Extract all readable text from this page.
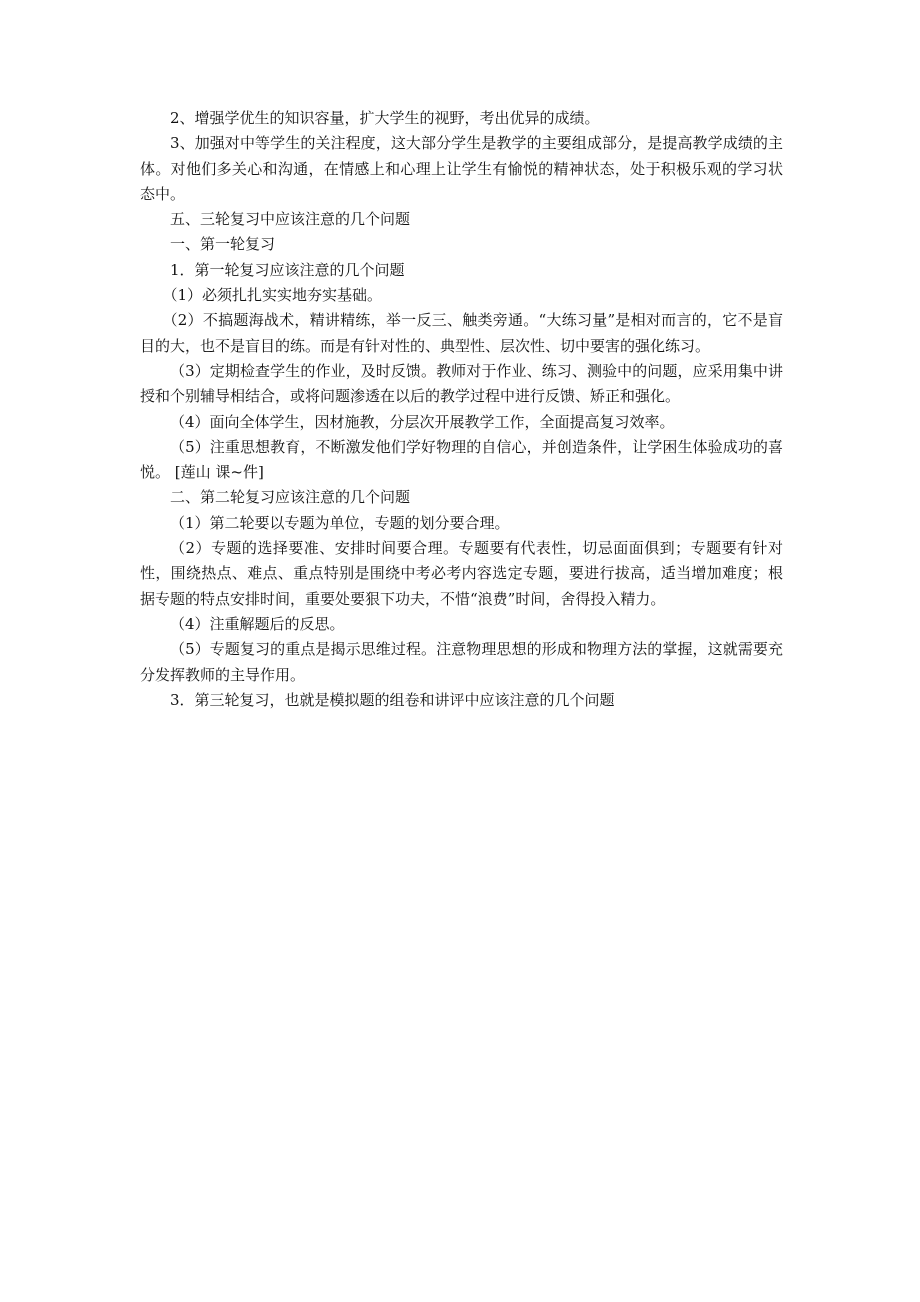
2、增强学优生的知识容量，扩大学生的视野，考出优异的成绩。

3、加强对中等学生的关注程度，这大部分学生是教学的主要组成部分，是提高教学成绩的主体。对他们多关心和沟通，在情感上和心理上让学生有愉悦的精神状态，处于积极乐观的学习状态中。

五、三轮复习中应该注意的几个问题

一、第一轮复习

1．第一轮复习应该注意的几个问题

（1）必须扎扎实实地夯实基础。

（2）不搞题海战术，精讲精练，举一反三、触类旁通。“大练习量”是相对而言的，它不是盲目的大，也不是盲目的练。而是有针对性的、典型性、层次性、切中要害的强化练习。

（3）定期检查学生的作业，及时反馈。教师对于作业、练习、测验中的问题，应采用集中讲授和个别辅导相结合，或将问题渗透在以后的教学过程中进行反馈、矫正和强化。

（4）面向全体学生，因材施教，分层次开展教学工作，全面提高复习效率。

（5）注重思想教育，不断激发他们学好物理的自信心，并创造条件，让学困生体验成功的喜悦。 [莲山 课~件]

二、第二轮复习应该注意的几个问题

（1）第二轮要以专题为单位，专题的划分要合理。

（2）专题的选择要准、安排时间要合理。专题要有代表性，切忌面面俱到；专题要有针对性，围绕热点、难点、重点特别是围绕中考必考内容选定专题，要进行拔高，适当增加难度；根据专题的特点安排时间，重要处要狠下功夫，不惜“浪费”时间，舍得投入精力。

（4）注重解题后的反思。

（5）专题复习的重点是揭示思维过程。注意物理思想的形成和物理方法的掌握，这就需要充分发挥教师的主导作用。

3．第三轮复习，也就是模拟题的组卷和讲评中应该注意的几个问题
